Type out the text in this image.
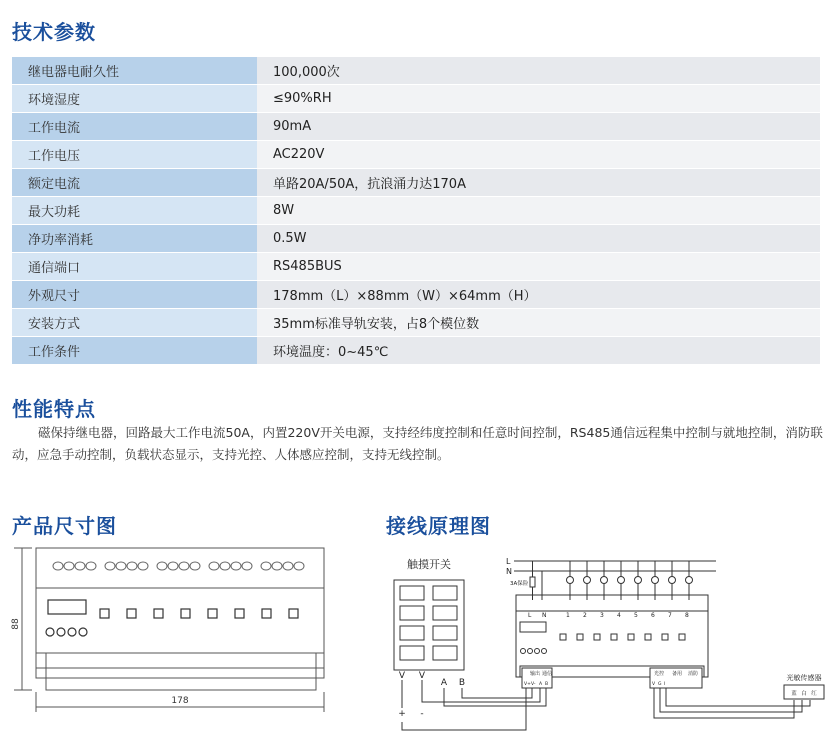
技术参数
继电器电耐久性	100,000次
环境湿度	≤90%RH
工作电流	90mA
工作电压	AC220V
额定电流	单路20A/50A，抗浪涌力达170A
最大功耗	8W
净功率消耗	0.5W
通信端口	RS485BUS
外观尺寸	178mm（L）×88mm（W）×64mm（H）
安装方式	35mm标准导轨安装，占8个模位数
工作条件	环境温度：0~45℃
性能特点

磁保持继电器，回路最大工作电流50A，内置220V开关电源，支持经纬度控制和任意时间控制，RS485通信远程集中控制与就地控制，消防联动，应急手动控制，负载状态显示，支持光控、人体感应控制，支持无线控制。

产品尺寸图	接线原理图
88
178
触摸开关	L
N
3A保险
L N	1 2 3 4 5 6 7 8
输出 通信
V+ V- A B
光控 备用 消防
V G I
V V
A B
+ -
光敏传感器
蓝 白 红
